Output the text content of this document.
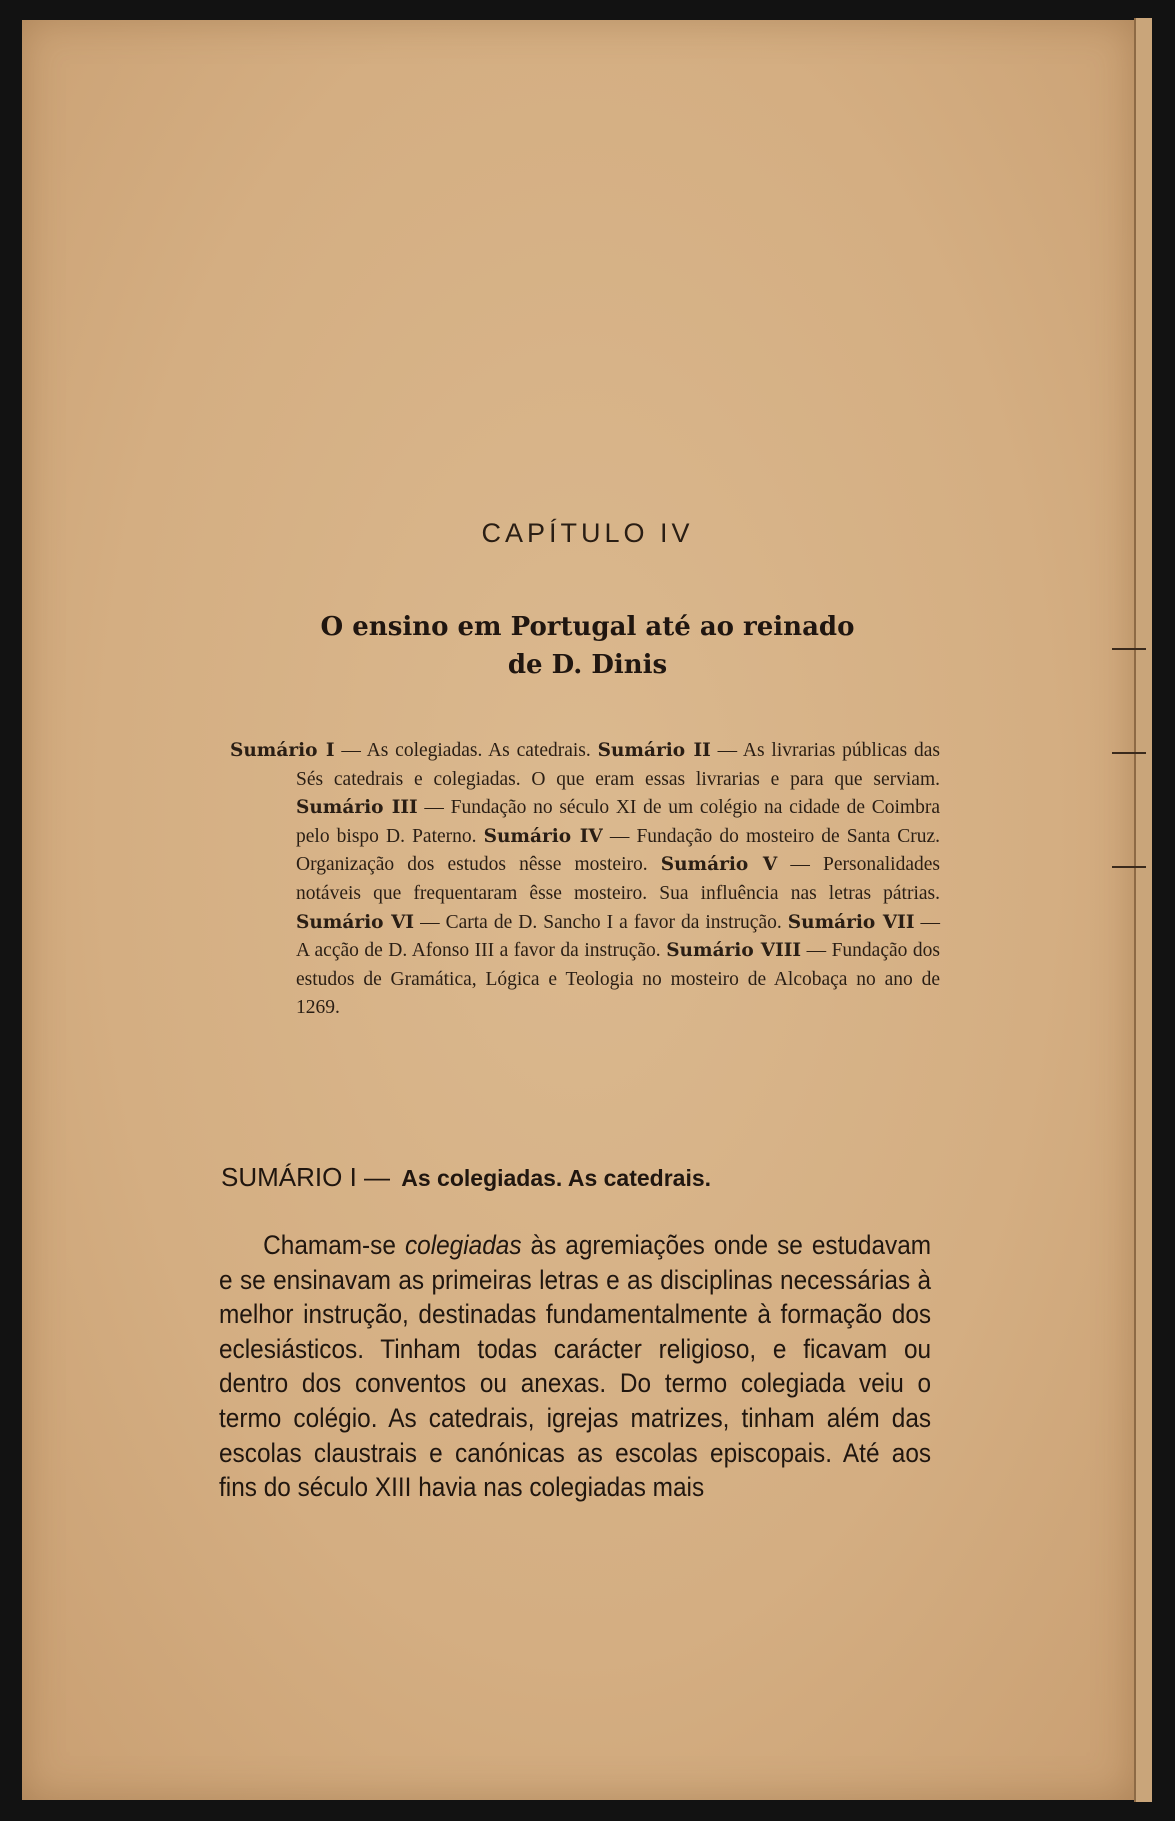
CAPÍTULO IV
O ensino em Portugal até ao reinado
de D. Dinis
Sumário I — As colegiadas. As catedrais. Sumário II — As livrarias públicas das Sés catedrais e colegiadas. O que eram essas livrarias e para que serviam. Sumário III — Fundação no século XI de um colégio na cidade de Coimbra pelo bispo D. Paterno. Sumário IV — Fundação do mosteiro de Santa Cruz. Organização dos estudos nêsse mosteiro. Sumário V — Personalidades notáveis que frequentaram êsse mosteiro. Sua influência nas letras pátrias. Sumário VI — Carta de D. Sancho I a favor da instrução. Sumário VII — A acção de D. Afonso III a favor da instrução. Sumário VIII — Fundação dos estudos de Gramática, Lógica e Teologia no mosteiro de Alcobaça no ano de 1269.
SUMÁRIO I — As colegiadas. As catedrais.
Chamam-se colegiadas às agremiações onde se estudavam e se ensinavam as primeiras letras e as disciplinas necessárias à melhor instrução, destinadas fundamentalmente à formação dos eclesiásticos. Tinham todas carácter religioso, e ficavam ou dentro dos conventos ou anexas. Do termo colegiada veiu o termo colégio. As catedrais, igrejas matrizes, tinham além das escolas claustrais e canónicas as escolas episcopais. Até aos fins do século XIII havia nas colegiadas mais
